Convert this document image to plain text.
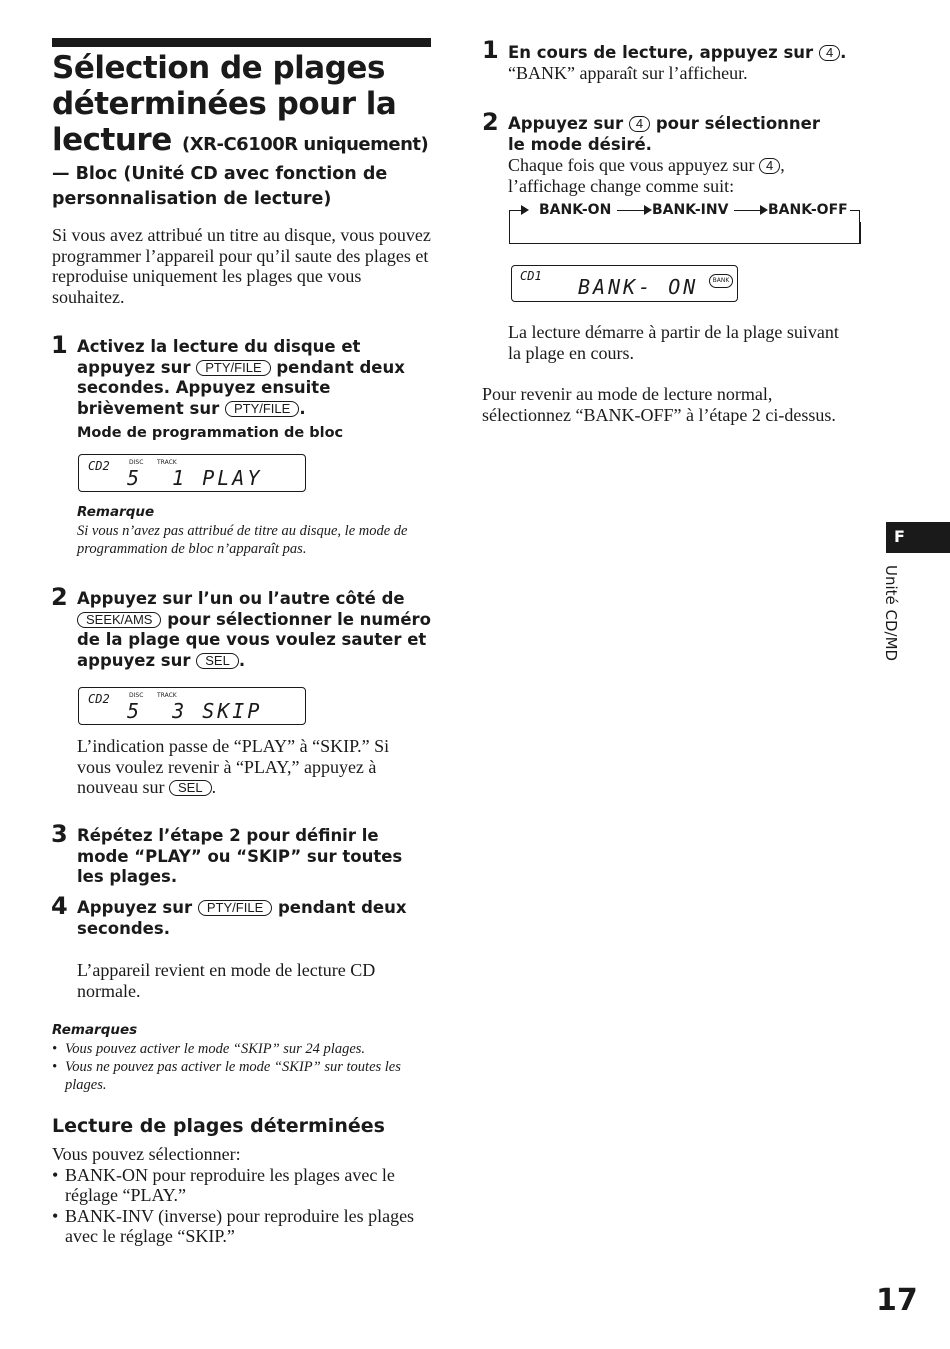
Sélection de plages déterminées pour la lecture (XR-C6100R uniquement)
— Bloc (Unité CD avec fonction de personnalisation de lecture)
Si vous avez attribué un titre au disque, vous pouvez programmer l’appareil pour qu’il saute des plages et reproduise uniquement les plages que vous souhaitez.
1 Activez la lecture du disque et appuyez sur PTY/FILE pendant deux secondes. Appuyez ensuite brièvement sur PTY/FILE .
Mode de programmation de bloc
CD2	DISC TRACK
5  1 PLAY
Remarque
Si vous n’avez pas attribué de titre au disque, le mode de programmation de bloc n’apparaît pas.
2 Appuyez sur l’un ou l’autre côté de SEEK/AMS pour sélectionner le numéro de la plage que vous voulez sauter et appuyez sur SEL .
CD2	DISC TRACK
5  3 SKIP
L’indication passe de “PLAY” à “SKIP.” Si vous voulez revenir à “PLAY,” appuyez à nouveau sur SEL .
3 Répétez l’étape 2 pour définir le mode “PLAY” ou “SKIP” sur toutes les plages.
4 Appuyez sur PTY/FILE pendant deux secondes.
L’appareil revient en mode de lecture CD normale.
Remarques
• Vous pouvez activer le mode “SKIP” sur 24 plages.
• Vous ne pouvez pas activer le mode “SKIP” sur toutes les plages.
Lecture de plages déterminées
Vous pouvez sélectionner:
• BANK-ON pour reproduire les plages avec le réglage “PLAY.”
• BANK-INV (inverse) pour reproduire les plages avec le réglage “SKIP.”
1 En cours de lecture, appuyez sur 4 .
“BANK” apparaît sur l’afficheur.
2 Appuyez sur 4 pour sélectionner le mode désiré.
Chaque fois que vous appuyez sur 4 , l’affichage change comme suit:
BANK-ON	BANK-INV	BANK-OFF
CD1 BANK- ON	BANK
La lecture démarre à partir de la plage suivant la plage en cours.
Pour revenir au mode de lecture normal, sélectionnez “BANK-OFF” à l’étape 2 ci-dessus.
F
Unité CD/MD
17
